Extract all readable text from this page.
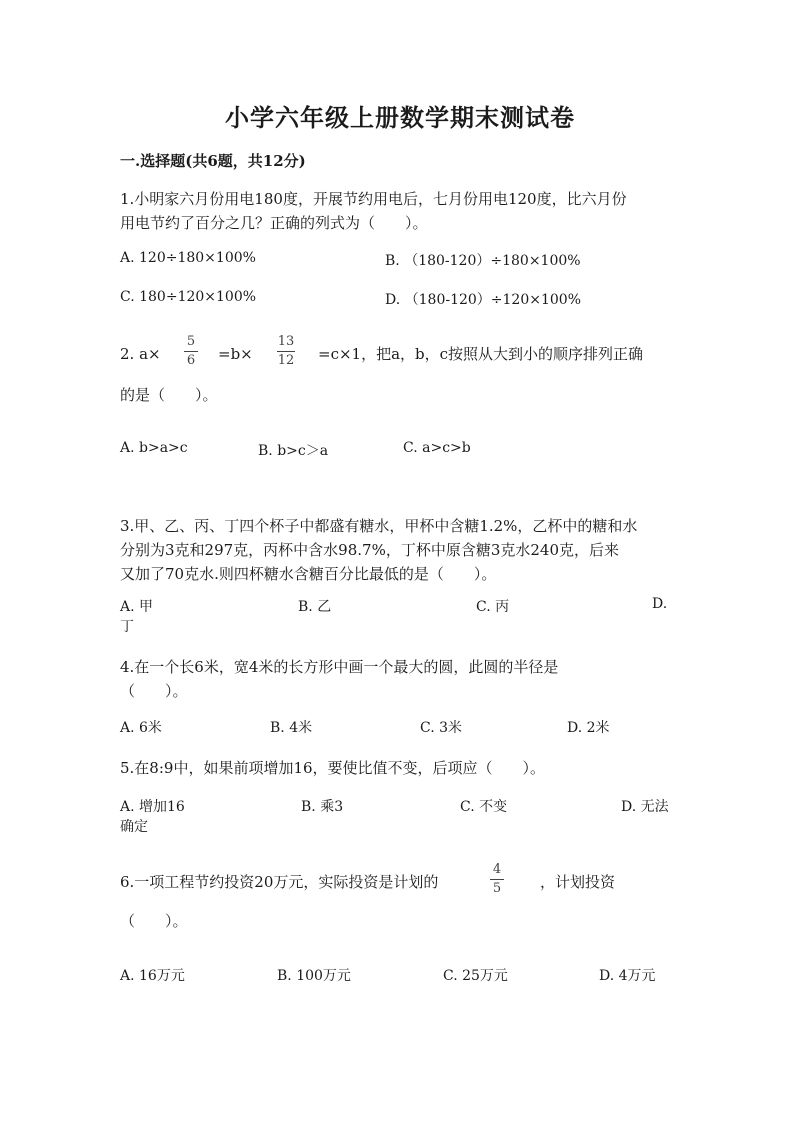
小学六年级上册数学期末测试卷
一.选择题(共6题，共12分)
1.小明家六月份用电180度，开展节约用电后，七月份用电120度，比六月份
用电节约了百分之几？正确的列式为（　　）。
A. 120÷180×100%	B. （180-120）÷180×100%
C. 180÷120×100%	D. （180-120）÷120×100%
2. a×
5
6 =b×
13
12 =c×1，把a，b，c按照从大到小的顺序排列正确
的是（　　）。
A. b>a>c	B. b>c＞a	C. a>c>b
3.甲、乙、丙、丁四个杯子中都盛有糖水，甲杯中含糖1.2%，乙杯中的糖和水
分别为3克和297克，丙杯中含水98.7%，丁杯中原含糖3克水240克，后来
又加了70克水.则四杯糖水含糖百分比最低的是（　　）。
A. 甲	B. 乙	C. 丙	D.
丁
4.在一个长6米，宽4米的长方形中画一个最大的圆，此圆的半径是
（　　）。
A. 6米	B. 4米	C. 3米	D. 2米
5.在8:9中，如果前项增加16，要使比值不变，后项应（　　）。
A. 增加16	B. 乘3	C. 不变	D. 无法
确定
6.一项工程节约投资20万元，实际投资是计划的
4
5	，计划投资
（　　）。
A. 16万元	B. 100万元	C. 25万元	D. 4万元
